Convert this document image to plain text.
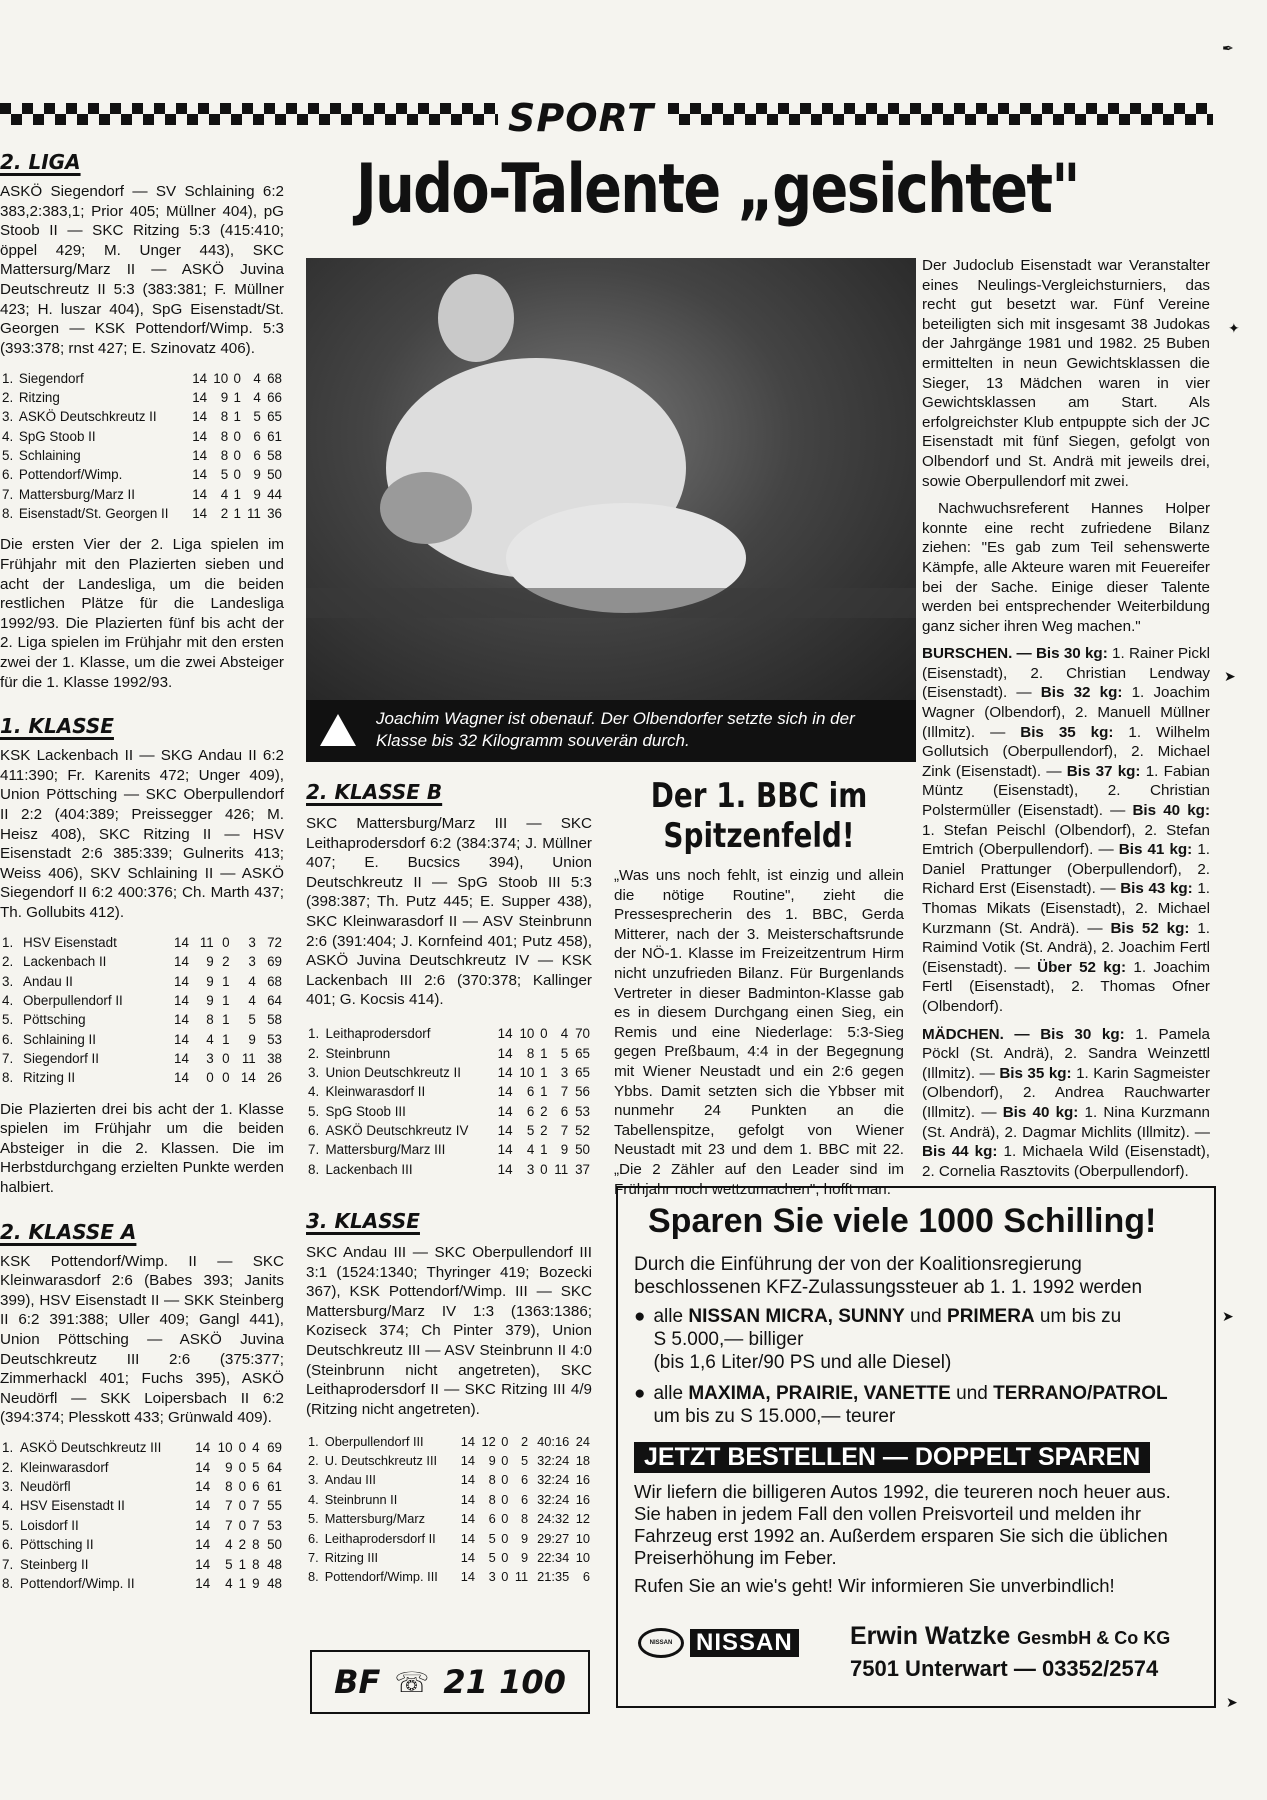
SPORT
2. LIGA
ASKÖ Siegendorf — SV Schlaining 6:2 383,2:383,1; Prior 405; Müllner 404), pG Stoob II — SKC Ritzing 5:3 (415:410; öppel 429; M. Unger 443), SKC Mattersurg/Marz II — ASKÖ Juvina Deutschreutz II 5:3 (383:381; F. Müllner 423; H. luszar 404), SpG Eisenstadt/St. Georgen — KSK Pottendorf/Wimp. 5:3 (393:378; rnst 427; E. Szinovatz 406).
1.	Siegendorf	14	10	0	4	68
2.	Ritzing	14	9	1	4	66
3.	ASKÖ Deutschkreutz II	14	8	1	5	65
4.	SpG Stoob II	14	8	0	6	61
5.	Schlaining	14	8	0	6	58
6.	Pottendorf/Wimp.	14	5	0	9	50
7.	Mattersburg/Marz II	14	4	1	9	44
8.	Eisenstadt/St. Georgen II	14	2	1	11	36
Die ersten Vier der 2. Liga spielen im Frühjahr mit den Plazierten sieben und acht der Landesliga, um die beiden restlichen Plätze für die Landesliga 1992/93. Die Plazierten fünf bis acht der 2. Liga spielen im Frühjahr mit den ersten zwei der 1. Klasse, um die zwei Absteiger für die 1. Klasse 1992/93.
1. KLASSE
KSK Lackenbach II — SKG Andau II 6:2 411:390; Fr. Karenits 472; Unger 409), Union Pöttsching — SKC Oberpullendorf II 2:2 (404:389; Preissegger 426; M. Heisz 408), SKC Ritzing II — HSV Eisenstadt 2:6 385:339; Gulnerits 413; Weiss 406), SKV Schlaining II — ASKÖ Siegendorf II 6:2 400:376; Ch. Marth 437; Th. Gollubits 412).
1.	HSV Eisenstadt	14	11	0	3	72
2.	Lackenbach II	14	9	2	3	69
3.	Andau II	14	9	1	4	68
4.	Oberpullendorf II	14	9	1	4	64
5.	Pöttsching	14	8	1	5	58
6.	Schlaining II	14	4	1	9	53
7.	Siegendorf II	14	3	0	11	38
8.	Ritzing II	14	0	0	14	26
Die Plazierten drei bis acht der 1. Klasse spielen im Frühjahr um die beiden Absteiger in die 2. Klassen. Die im Herbstdurchgang erzielten Punkte werden halbiert.
2. KLASSE A
KSK Pottendorf/Wimp. II — SKC Kleinwarasdorf 2:6 (Babes 393; Janits 399), HSV Eisenstadt II — SKK Steinberg II 6:2 391:388; Uller 409; Gangl 441), Union Pöttsching — ASKÖ Juvina Deutschkreutz III 2:6 (375:377; Zimmerhackl 401; Fuchs 395), ASKÖ Neudörfl — SKK Loipersbach II 6:2 (394:374; Plesskott 433; Grünwald 409).
1.	ASKÖ Deutschkreutz III	14	10	0	4	69
2.	Kleinwarasdorf	14	9	0	5	64
3.	Neudörfl	14	8	0	6	61
4.	HSV Eisenstadt II	14	7	0	7	55
5.	Loisdorf II	14	7	0	7	53
6.	Pöttsching II	14	4	2	8	50
7.	Steinberg II	14	5	1	8	48
8.	Pottendorf/Wimp. II	14	4	1	9	48
Judo-Talente „gesichtet"
Joachim Wagner ist obenauf. Der Olbendorfer setzte sich in der Klasse bis 32 Kilogramm souverän durch.
2. KLASSE B
SKC Mattersburg/Marz III — SKC Leithaprodersdorf 6:2 (384:374; J. Müllner 407; E. Bucsics 394), Union Deutschkreutz II — SpG Stoob III 5:3 (398:387; Th. Putz 445; E. Supper 438), SKC Kleinwarasdorf II — ASV Steinbrunn 2:6 (391:404; J. Kornfeind 401; Putz 458), ASKÖ Juvina Deutschkreutz IV — KSK Lackenbach III 2:6 (370:378; Kallinger 401; G. Kocsis 414).
1.	Leithaprodersdorf	14	10	0	4	70
2.	Steinbrunn	14	8	1	5	65
3.	Union Deutschkreutz II	14	10	1	3	65
4.	Kleinwarasdorf II	14	6	1	7	56
5.	SpG Stoob III	14	6	2	6	53
6.	ASKÖ Deutschkreutz IV	14	5	2	7	52
7.	Mattersburg/Marz III	14	4	1	9	50
8.	Lackenbach III	14	3	0	11	37
3. KLASSE
SKC Andau III — SKC Oberpullendorf III 3:1 (1524:1340; Thyringer 419; Bozecki 367), KSK Pottendorf/Wimp. III — SKC Mattersburg/Marz IV 1:3 (1363:1386; Koziseck 374; Ch Pinter 379), Union Deutschkreutz III — ASV Steinbrunn II 4:0 (Steinbrunn nicht angetreten), SKC Leithaprodersdorf II — SKC Ritzing III 4/9 (Ritzing nicht angetreten).
1.	Oberpullendorf III	14	12	0	2	40:16	24
2.	U. Deutschkreutz III	14	9	0	5	32:24	18
3.	Andau III	14	8	0	6	32:24	16
4.	Steinbrunn II	14	8	0	6	32:24	16
5.	Mattersburg/Marz	14	6	0	8	24:32	12
6.	Leithaprodersdorf II	14	5	0	9	29:27	10
7.	Ritzing III	14	5	0	9	22:34	10
8.	Pottendorf/Wimp. III	14	3	0	11	21:35	6
BF ☏ 21 100
Der 1. BBC im Spitzenfeld!
„Was uns noch fehlt, ist einzig und allein die nötige Routine", zieht die Pressesprecherin des 1. BBC, Gerda Mitterer, nach der 3. Meisterschaftsrunde der NÖ-1. Klasse im Freizeitzentrum Hirm nicht unzufrieden Bilanz. Für Burgenlands Vertreter in dieser Badminton-Klasse gab es in diesem Durchgang einen Sieg, ein Remis und eine Niederlage: 5:3-Sieg gegen Preßbaum, 4:4 in der Begegnung mit Wiener Neustadt und ein 2:6 gegen Ybbs. Damit setzten sich die Ybbser mit nunmehr 24 Punkten an die Tabellenspitze, gefolgt von Wiener Neustadt mit 23 und dem 1. BBC mit 22. „Die 2 Zähler auf den Leader sind im Frühjahr noch wettzumachen", hofft man.
Der Judoclub Eisenstadt war Veranstalter eines Neulings-Vergleichsturniers, das recht gut besetzt war. Fünf Vereine beteiligten sich mit insgesamt 38 Judokas der Jahrgänge 1981 und 1982. 25 Buben ermittelten in neun Gewichtsklassen die Sieger, 13 Mädchen waren in vier Gewichtsklassen am Start. Als erfolgreichster Klub entpuppte sich der JC Eisenstadt mit fünf Siegen, gefolgt von Olbendorf und St. Andrä mit jeweils drei, sowie Oberpullendorf mit zwei.
Nachwuchsreferent Hannes Holper konnte eine recht zufriedene Bilanz ziehen: "Es gab zum Teil sehenswerte Kämpfe, alle Akteure waren mit Feuereifer bei der Sache. Einige dieser Talente werden bei entsprechender Weiterbildung ganz sicher ihren Weg machen."
BURSCHEN. — Bis 30 kg: 1. Rainer Pickl (Eisenstadt), 2. Christian Lendway (Eisenstadt). — Bis 32 kg: 1. Joachim Wagner (Olbendorf), 2. Manuell Müllner (Illmitz). — Bis 35 kg: 1. Wilhelm Gollutsich (Oberpullendorf), 2. Michael Zink (Eisenstadt). — Bis 37 kg: 1. Fabian Müntz (Eisenstadt), 2. Christian Polstermüller (Eisenstadt). — Bis 40 kg: 1. Stefan Peischl (Olbendorf), 2. Stefan Emtrich (Oberpullendorf). — Bis 41 kg: 1. Daniel Prattunger (Oberpullendorf), 2. Richard Erst (Eisenstadt). — Bis 43 kg: 1. Thomas Mikats (Eisenstadt), 2. Michael Kurzmann (St. Andrä). — Bis 52 kg: 1. Raimind Votik (St. Andrä), 2. Joachim Fertl (Eisenstadt). — Über 52 kg: 1. Joachim Fertl (Eisenstadt), 2. Thomas Ofner (Olbendorf).
MÄDCHEN. — Bis 30 kg: 1. Pamela Pöckl (St. Andrä), 2. Sandra Weinzettl (Illmitz). — Bis 35 kg: 1. Karin Sagmeister (Olbendorf), 2. Andrea Rauchwarter (Illmitz). — Bis 40 kg: 1. Nina Kurzmann (St. Andrä), 2. Dagmar Michlits (Illmitz). — Bis 44 kg: 1. Michaela Wild (Eisenstadt), 2. Cornelia Rasztovits (Oberpullendorf).
Sparen Sie viele 1000 Schilling!
Durch die Einführung der von der Koalitionsregierung beschlossenen KFZ-Zulassungssteuer ab 1. 1. 1992 werden
● alle NISSAN MICRA, SUNNY und PRIMERA um bis zu
S 5.000,— billiger
(bis 1,6 Liter/90 PS und alle Diesel)
● alle MAXIMA, PRAIRIE, VANETTE und TERRANO/PATROL
um bis zu S 15.000,— teurer
JETZT BESTELLEN — DOPPELT SPAREN
Wir liefern die billigeren Autos 1992, die teureren noch heuer aus. Sie haben in jedem Fall den vollen Preisvorteil und melden ihr Fahrzeug erst 1992 an. Außerdem ersparen Sie sich die üblichen Preiserhöhung im Feber.
Rufen Sie an wie's geht! Wir informieren Sie unverbindlich!
NISSAN NISSAN Erwin Watzke GesmbH & Co KG
7501 Unterwart — 03352/2574
✒
✦
➤
➤
➤
